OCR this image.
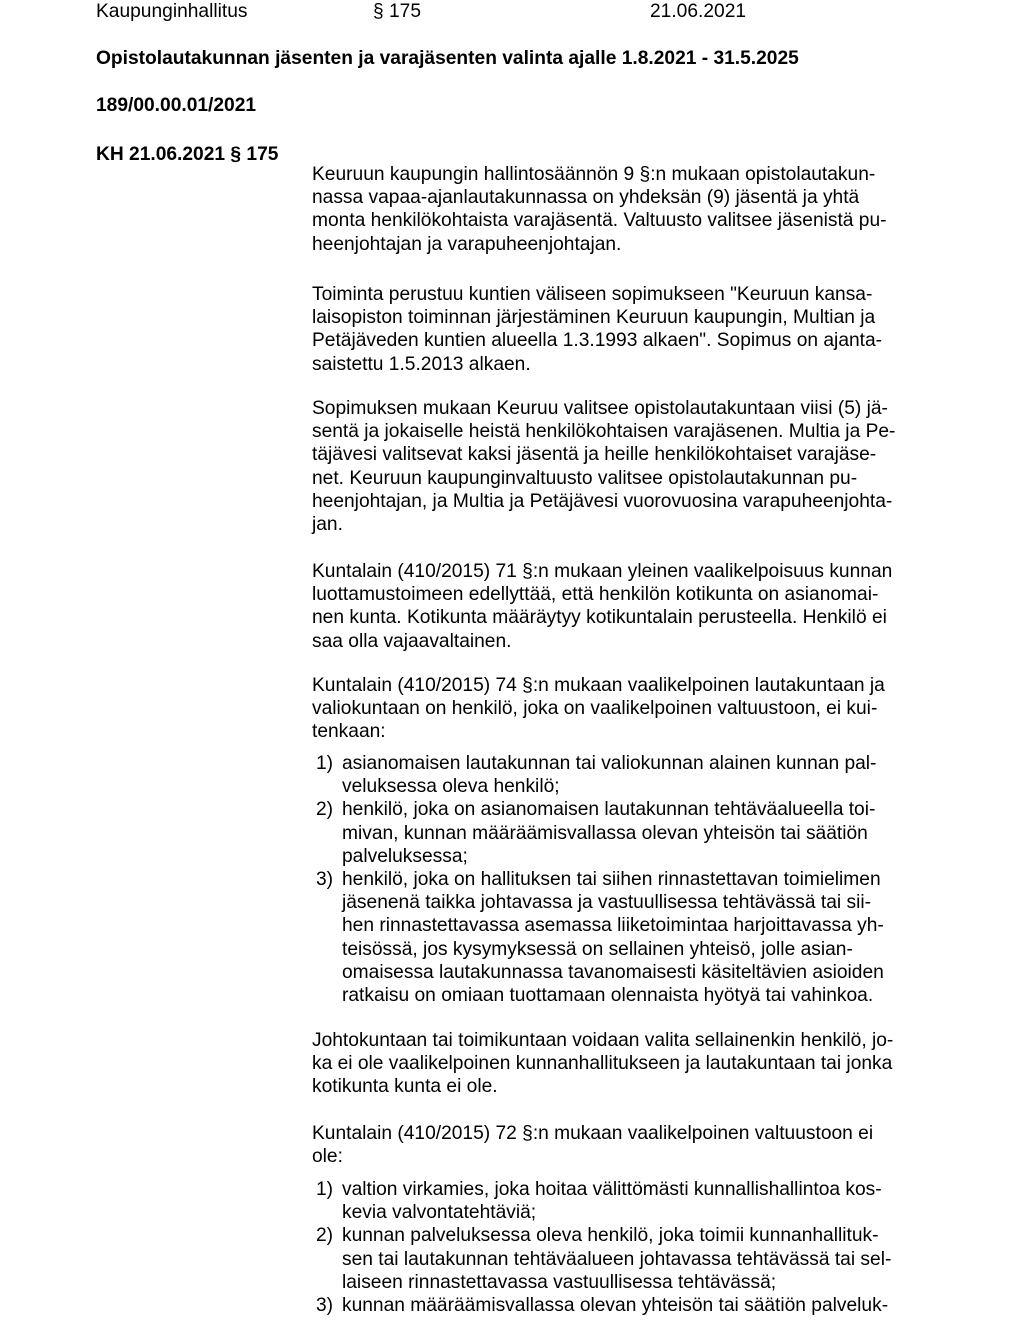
Kaupunginhallitus	§ 175	21.06.2021
Opistolautakunnan jäsenten ja varajäsenten valinta ajalle 1.8.2021 - 31.5.2025
189/00.00.01/2021
KH 21.06.2021 § 175
Keuruun kaupungin hallintosäännön 9 §:n mukaan opistolautakun-
nassa vapaa-ajanlautakunnassa on yhdeksän (9) jäsentä ja yhtä
monta henkilökohtaista varajäsentä. Valtuusto valitsee jäsenistä pu-
heenjohtajan ja varapuheenjohtajan.
Toiminta perustuu kuntien väliseen sopimukseen "Keuruun kansa-
laisopiston toiminnan järjestäminen Keuruun kaupungin, Multian ja
Petäjäveden kuntien alueella 1.3.1993 alkaen". Sopimus on ajanta-
saistettu 1.5.2013 alkaen.
Sopimuksen mukaan Keuruu valitsee opistolautakuntaan viisi (5) jä-
sentä ja jokaiselle heistä henkilökohtaisen varajäsenen. Multia ja Pe-
täjävesi valitsevat kaksi jäsentä ja heille henkilökohtaiset varajäse-
net. Keuruun kaupunginvaltuusto valitsee opistolautakunnan pu-
heenjohtajan, ja Multia ja Petäjävesi vuorovuosina varapuheenjohta-
jan.
Kuntalain (410/2015) 71 §:n mukaan yleinen vaalikelpoisuus kunnan
luottamustoimeen edellyttää, että henkilön kotikunta on asianomai-
nen kunta. Kotikunta määräytyy kotikuntalain perusteella. Henkilö ei
saa olla vajaavaltainen.
Kuntalain (410/2015) 74 §:n mukaan vaalikelpoinen lautakuntaan ja
valiokuntaan on henkilö, joka on vaalikelpoinen valtuustoon, ei kui-
tenkaan:
1) asianomaisen lautakunnan tai valiokunnan alainen kunnan pal-
veluksessa oleva henkilö;
2) henkilö, joka on asianomaisen lautakunnan tehtäväalueella toi-
mivan, kunnan määräämisvallassa olevan yhteisön tai säätiön
palveluksessa;
3) henkilö, joka on hallituksen tai siihen rinnastettavan toimielimen
jäsenenä taikka johtavassa ja vastuullisessa tehtävässä tai sii-
hen rinnastettavassa asemassa liiketoimintaa harjoittavassa yh-
teisössä, jos kysymyksessä on sellainen yhteisö, jolle asian-
omaisessa lautakunnassa tavanomaisesti käsiteltävien asioiden
ratkaisu on omiaan tuottamaan olennaista hyötyä tai vahinkoa.
Johtokuntaan tai toimikuntaan voidaan valita sellainenkin henkilö, jo-
ka ei ole vaalikelpoinen kunnanhallitukseen ja lautakuntaan tai jonka
kotikunta kunta ei ole.
Kuntalain (410/2015) 72 §:n mukaan vaalikelpoinen valtuustoon ei
ole:
1) valtion virkamies, joka hoitaa välittömästi kunnallishallintoa kos-
kevia valvontatehtäviä;
2) kunnan palveluksessa oleva henkilö, joka toimii kunnanhallituk-
sen tai lautakunnan tehtäväalueen johtavassa tehtävässä tai sel-
laiseen rinnastettavassa vastuullisessa tehtävässä;
3) kunnan määräämisvallassa olevan yhteisön tai säätiön palveluk-
